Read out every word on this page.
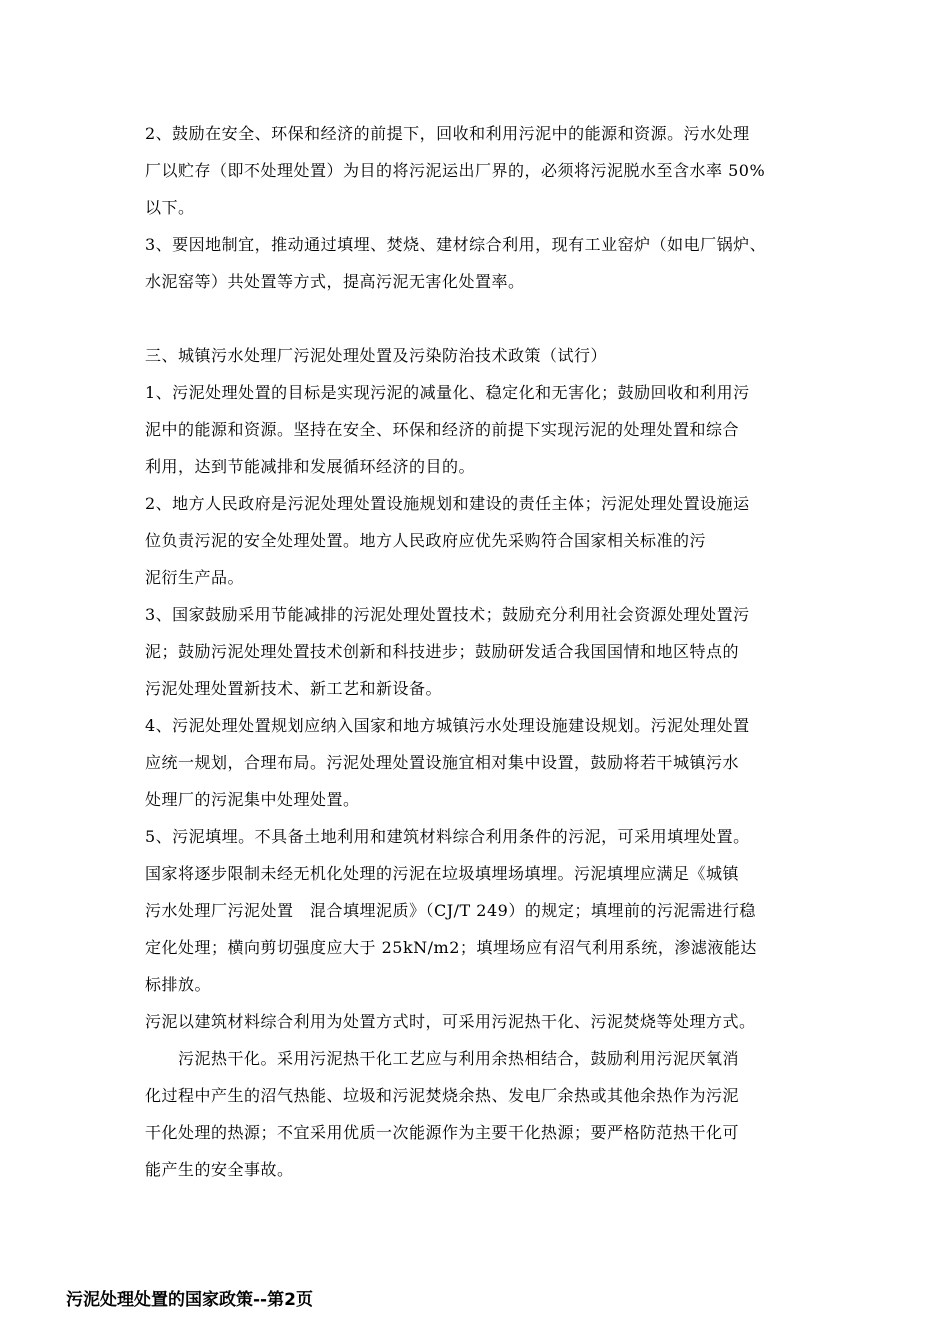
2、鼓励在安全、环保和经济的前提下，回收和利用污泥中的能源和资源。污水处理
厂以贮存（即不处理处置）为目的将污泥运出厂界的，必须将污泥脱水至含水率 50%
以下。
3、要因地制宜，推动通过填埋、焚烧、建材综合利用，现有工业窑炉（如电厂锅炉、
水泥窑等）共处置等方式，提高污泥无害化处置率。
三、城镇污水处理厂污泥处理处置及污染防治技术政策（试行）
1、污泥处理处置的目标是实现污泥的减量化、稳定化和无害化；鼓励回收和利用污
泥中的能源和资源。坚持在安全、环保和经济的前提下实现污泥的处理处置和综合
利用，达到节能减排和发展循环经济的目的。
2、地方人民政府是污泥处理处置设施规划和建设的责任主体；污泥处理处置设施运
位负责污泥的安全处理处置。地方人民政府应优先采购符合国家相关标准的污
泥衍生产品。
3、国家鼓励采用节能减排的污泥处理处置技术；鼓励充分利用社会资源处理处置污
泥；鼓励污泥处理处置技术创新和科技进步；鼓励研发适合我国国情和地区特点的
污泥处理处置新技术、新工艺和新设备。
4、污泥处理处置规划应纳入国家和地方城镇污水处理设施建设规划。污泥处理处置
应统一规划，合理布局。污泥处理处置设施宜相对集中设置，鼓励将若干城镇污水
处理厂的污泥集中处理处置。
5、污泥填埋。不具备土地利用和建筑材料综合利用条件的污泥，可采用填埋处置。
国家将逐步限制未经无机化处理的污泥在垃圾填埋场填埋。污泥填埋应满足《城镇
污水处理厂污泥处置　混合填埋泥质》（CJ/T 249）的规定；填埋前的污泥需进行稳
定化处理；横向剪切强度应大于 25kN/m2；填埋场应有沼气利用系统，渗滤液能达
标排放。
污泥以建筑材料综合利用为处置方式时，可采用污泥热干化、污泥焚烧等处理方式。
　　污泥热干化。采用污泥热干化工艺应与利用余热相结合，鼓励利用污泥厌氧消
化过程中产生的沼气热能、垃圾和污泥焚烧余热、发电厂余热或其他余热作为污泥
干化处理的热源；不宜采用优质一次能源作为主要干化热源；要严格防范热干化可
能产生的安全事故。
污泥处理处置的国家政策--第2页
